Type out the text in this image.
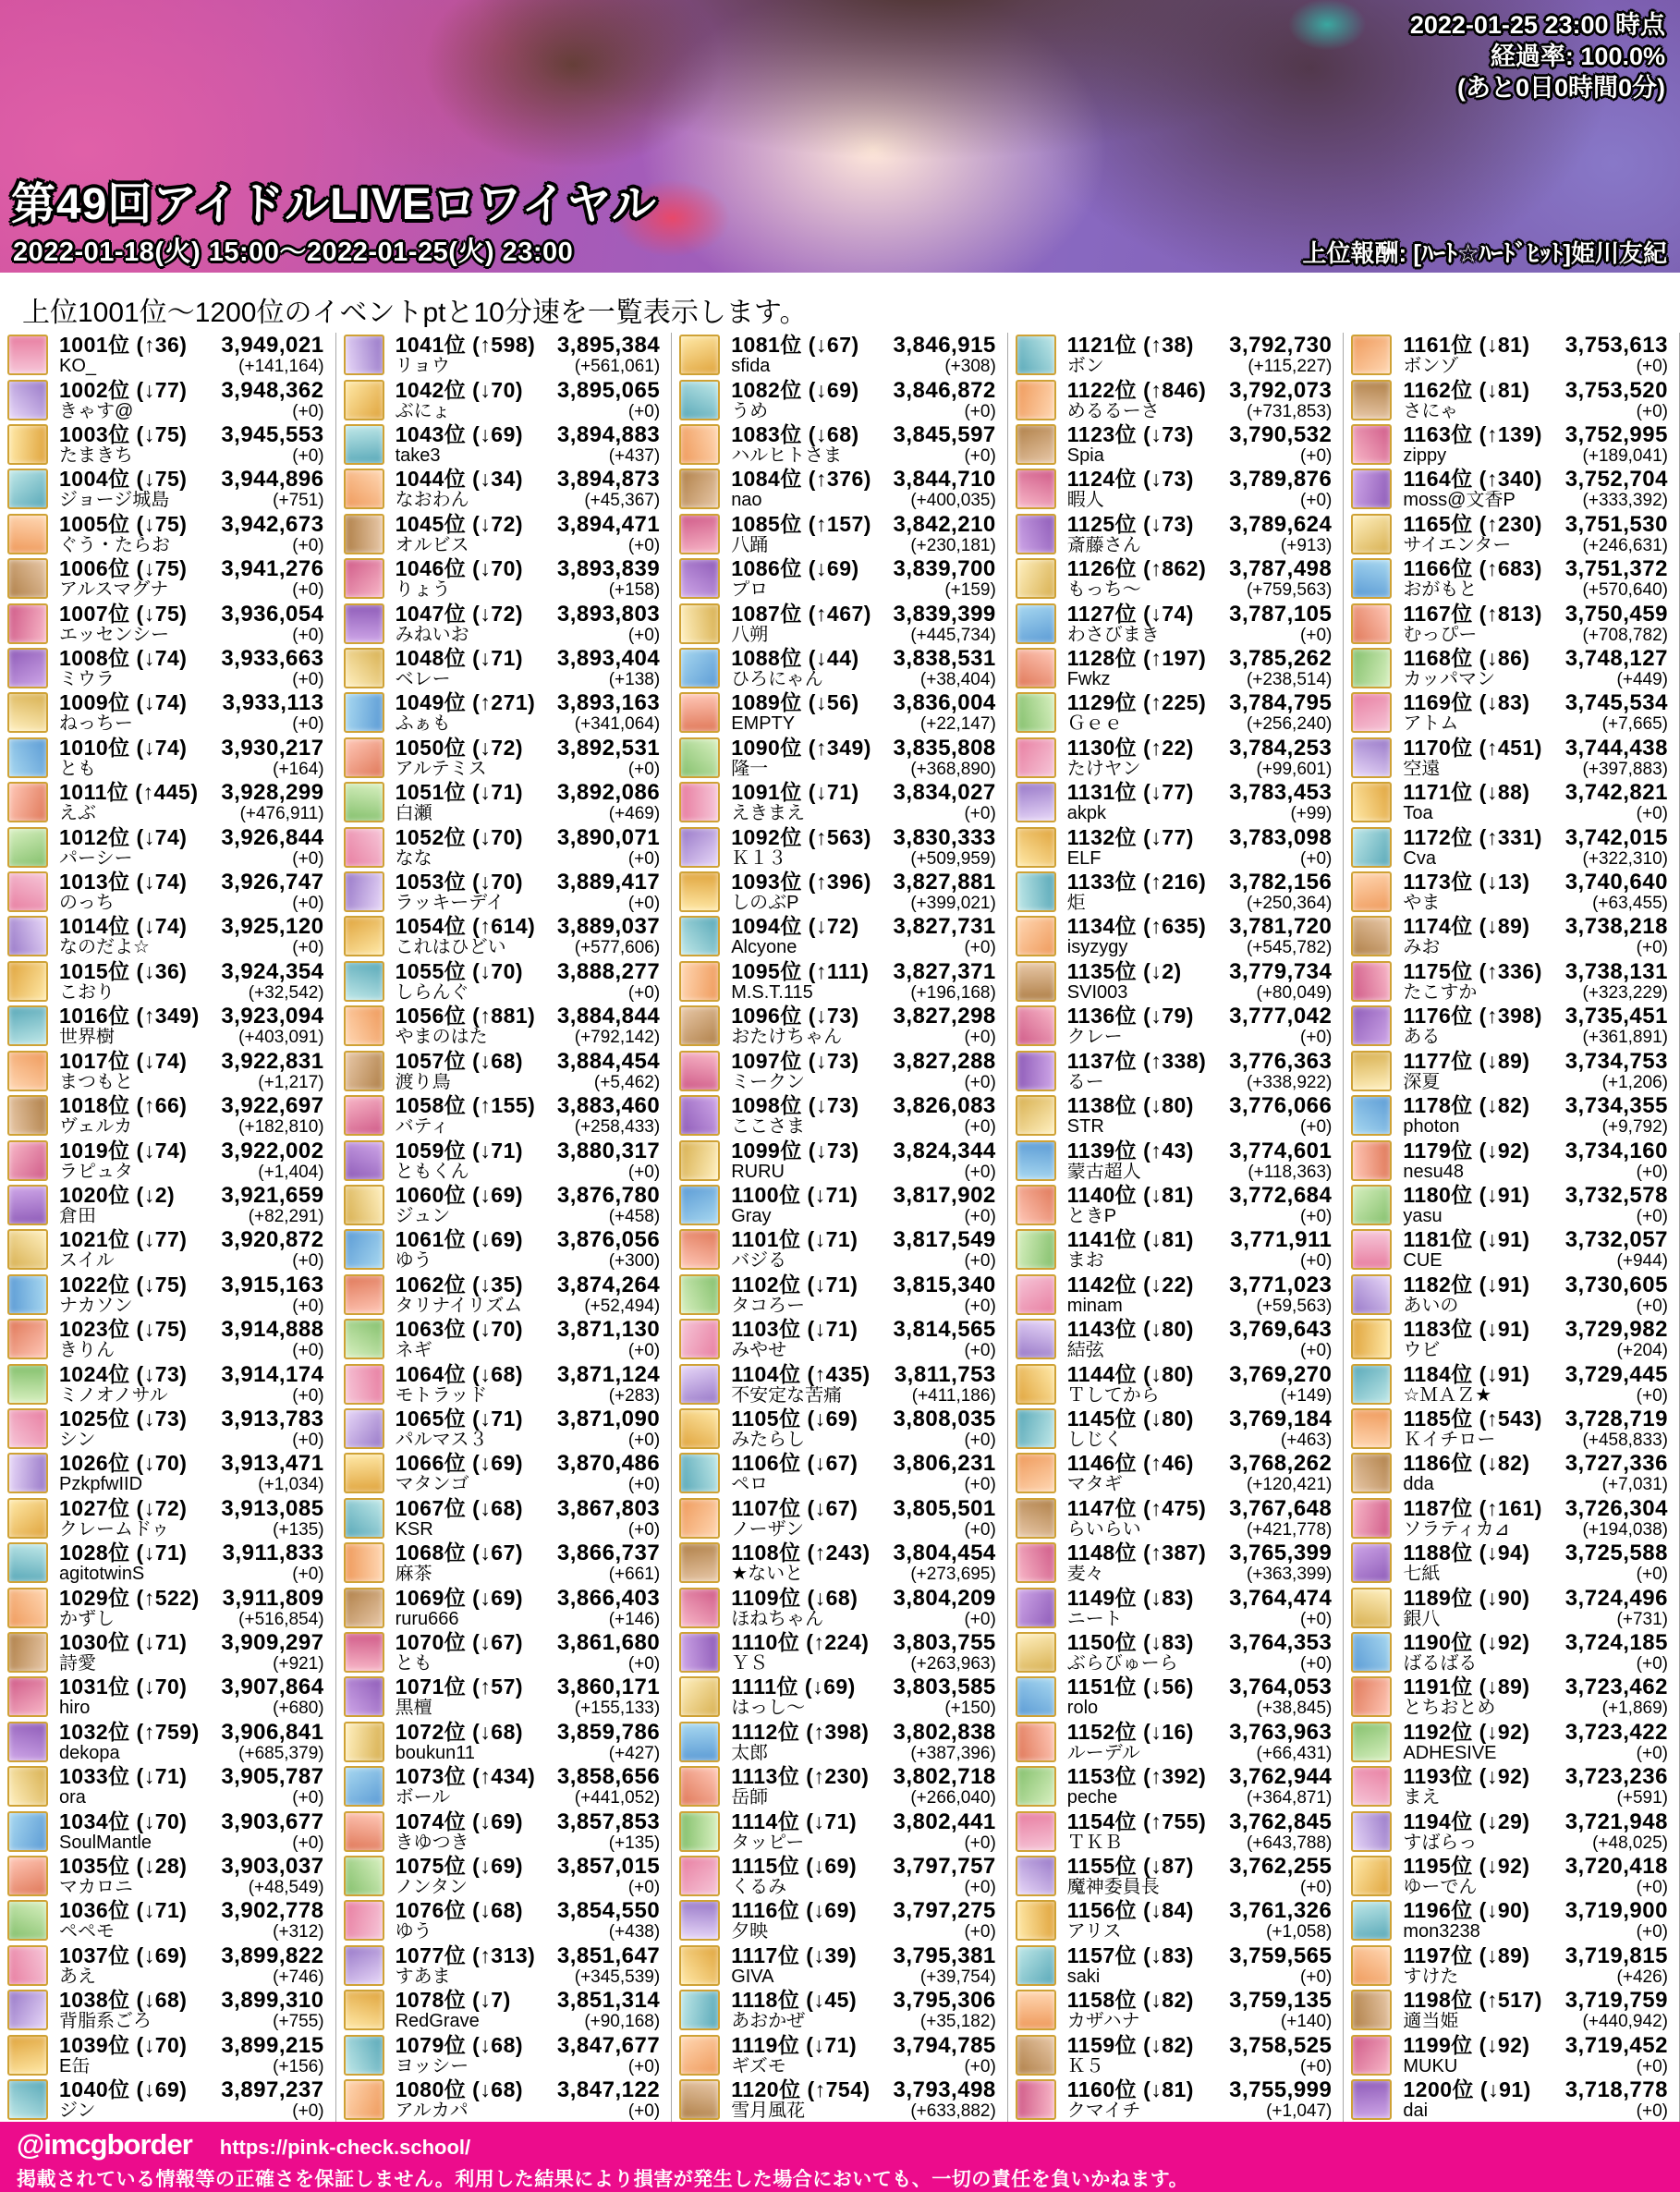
2022-01-25 23:00 時点
経過率: 100.0%
(あと0日0時間0分)
第49回アイドルLIVEロワイヤル
2022-01-18(火) 15:00～2022-01-25(火) 23:00	上位報酬: [ﾊｰﾄ☆ﾊｰﾄﾞﾋｯﾄ]姫川友紀
上位1001位～1200位のイベントptと10分速を一覧表示します。
1001位 (↑36)
KO_
3,949,021
(+141,164)
1002位 (↓77)
きゃす@
3,948,362
(+0)
1003位 (↓75)
たまきち
3,945,553
(+0)
1004位 (↓75)
ジョージ城島
3,944,896
(+751)
1005位 (↓75)
ぐう・たらお
3,942,673
(+0)
1006位 (↓75)
アルスマグナ
3,941,276
(+0)
1007位 (↓75)
エッセンシー
3,936,054
(+0)
1008位 (↓74)
ミウラ
3,933,663
(+0)
1009位 (↓74)
ねっちー
3,933,113
(+0)
1010位 (↓74)
とも
3,930,217
(+164)
1011位 (↑445)
えぶ
3,928,299
(+476,911)
1012位 (↓74)
パーシー
3,926,844
(+0)
1013位 (↓74)
のっち
3,926,747
(+0)
1014位 (↓74)
なのだよ☆
3,925,120
(+0)
1015位 (↓36)
こおり
3,924,354
(+32,542)
1016位 (↑349)
世界樹
3,923,094
(+403,091)
1017位 (↓74)
まつもと
3,922,831
(+1,217)
1018位 (↑66)
ヴェルカ
3,922,697
(+182,810)
1019位 (↓74)
ラピュタ
3,922,002
(+1,404)
1020位 (↓2)
倉田
3,921,659
(+82,291)
1021位 (↓77)
スイル
3,920,872
(+0)
1022位 (↓75)
ナカソン
3,915,163
(+0)
1023位 (↓75)
きりん
3,914,888
(+0)
1024位 (↓73)
ミノオノサル
3,914,174
(+0)
1025位 (↓73)
シン
3,913,783
(+0)
1026位 (↓70)
PzkpfwIID
3,913,471
(+1,034)
1027位 (↓72)
クレームドゥ
3,913,085
(+135)
1028位 (↓71)
agitotwinS
3,911,833
(+0)
1029位 (↑522)
かずし
3,911,809
(+516,854)
1030位 (↓71)
詩愛
3,909,297
(+921)
1031位 (↓70)
hiro
3,907,864
(+680)
1032位 (↑759)
dekopa
3,906,841
(+685,379)
1033位 (↓71)
ora
3,905,787
(+0)
1034位 (↓70)
SoulMantle
3,903,677
(+0)
1035位 (↓28)
マカロニ
3,903,037
(+48,549)
1036位 (↓71)
ペペモ
3,902,778
(+312)
1037位 (↓69)
あえ
3,899,822
(+746)
1038位 (↓68)
背脂系ごろ
3,899,310
(+755)
1039位 (↓70)
E缶
3,899,215
(+156)
1040位 (↓69)
ジン
3,897,237
(+0)
1041位 (↑598)
リョウ
3,895,384
(+561,061)
1042位 (↓70)
ぶにょ
3,895,065
(+0)
1043位 (↓69)
take3
3,894,883
(+437)
1044位 (↓34)
なおわん
3,894,873
(+45,367)
1045位 (↓72)
オルビス
3,894,471
(+0)
1046位 (↓70)
りょう
3,893,839
(+158)
1047位 (↓72)
みねいお
3,893,803
(+0)
1048位 (↓71)
ベレー
3,893,404
(+138)
1049位 (↑271)
ふぁも
3,893,163
(+341,064)
1050位 (↓72)
アルテミス
3,892,531
(+0)
1051位 (↓71)
白瀬
3,892,086
(+469)
1052位 (↓70)
なな
3,890,071
(+0)
1053位 (↓70)
ラッキーデイ
3,889,417
(+0)
1054位 (↑614)
これはひどい
3,889,037
(+577,606)
1055位 (↓70)
しらんぐ
3,888,277
(+0)
1056位 (↑881)
やまのはた
3,884,844
(+792,142)
1057位 (↓68)
渡り鳥
3,884,454
(+5,462)
1058位 (↑155)
バティ
3,883,460
(+258,433)
1059位 (↓71)
ともくん
3,880,317
(+0)
1060位 (↓69)
ジュン
3,876,780
(+458)
1061位 (↓69)
ゆう
3,876,056
(+300)
1062位 (↓35)
タリナイリズム
3,874,264
(+52,494)
1063位 (↓70)
ネギ
3,871,130
(+0)
1064位 (↓68)
モトラッド
3,871,124
(+283)
1065位 (↓71)
パルマス３
3,871,090
(+0)
1066位 (↓69)
マタンゴ
3,870,486
(+0)
1067位 (↓68)
KSR
3,867,803
(+0)
1068位 (↓67)
麻茶
3,866,737
(+661)
1069位 (↓69)
ruru666
3,866,403
(+146)
1070位 (↓67)
とも
3,861,680
(+0)
1071位 (↑57)
黒檀
3,860,171
(+155,133)
1072位 (↓68)
boukun11
3,859,786
(+427)
1073位 (↑434)
ボール
3,858,656
(+441,052)
1074位 (↓69)
きゆつき
3,857,853
(+135)
1075位 (↓69)
ノンタン
3,857,015
(+0)
1076位 (↓68)
ゆう
3,854,550
(+438)
1077位 (↑313)
すあま
3,851,647
(+345,539)
1078位 (↓7)
RedGrave
3,851,314
(+90,168)
1079位 (↓68)
ヨッシー
3,847,677
(+0)
1080位 (↓68)
アルカパ
3,847,122
(+0)
1081位 (↓67)
sfida
3,846,915
(+308)
1082位 (↓69)
うめ
3,846,872
(+0)
1083位 (↓68)
ハルヒトさま
3,845,597
(+0)
1084位 (↑376)
nao
3,844,710
(+400,035)
1085位 (↑157)
八踊
3,842,210
(+230,181)
1086位 (↓69)
プロ
3,839,700
(+159)
1087位 (↑467)
八朔
3,839,399
(+445,734)
1088位 (↓44)
ひろにゃん
3,838,531
(+38,404)
1089位 (↓56)
EMPTY
3,836,004
(+22,147)
1090位 (↑349)
隆一
3,835,808
(+368,890)
1091位 (↓71)
えきまえ
3,834,027
(+0)
1092位 (↑563)
Ｋ１３
3,830,333
(+509,959)
1093位 (↑396)
しのぶP
3,827,881
(+399,021)
1094位 (↓72)
Alcyone
3,827,731
(+0)
1095位 (↑111)
M.S.T.115
3,827,371
(+196,168)
1096位 (↓73)
おたけちゃん
3,827,298
(+0)
1097位 (↓73)
ミークン
3,827,288
(+0)
1098位 (↓73)
ここさま
3,826,083
(+0)
1099位 (↓73)
RURU
3,824,344
(+0)
1100位 (↓71)
Gray
3,817,902
(+0)
1101位 (↓71)
バジる
3,817,549
(+0)
1102位 (↓71)
タコろー
3,815,340
(+0)
1103位 (↓71)
みやせ
3,814,565
(+0)
1104位 (↑435)
不安定な苦痛
3,811,753
(+411,186)
1105位 (↓69)
みたらし
3,808,035
(+0)
1106位 (↓67)
ペロ
3,806,231
(+0)
1107位 (↓67)
ノーザン
3,805,501
(+0)
1108位 (↑243)
★ないと
3,804,454
(+273,695)
1109位 (↓68)
ほねちゃん
3,804,209
(+0)
1110位 (↑224)
ＹＳ
3,803,755
(+263,963)
1111位 (↓69)
はっし〜
3,803,585
(+150)
1112位 (↑398)
太郎
3,802,838
(+387,396)
1113位 (↑230)
岳師
3,802,718
(+266,040)
1114位 (↓71)
タッピー
3,802,441
(+0)
1115位 (↓69)
くるみ
3,797,757
(+0)
1116位 (↓69)
夕映
3,797,275
(+0)
1117位 (↓39)
GIVA
3,795,381
(+39,754)
1118位 (↓45)
あおかぜ
3,795,306
(+35,182)
1119位 (↓71)
ギズモ
3,794,785
(+0)
1120位 (↑754)
雪月風花
3,793,498
(+633,882)
1121位 (↑38)
ボン
3,792,730
(+115,227)
1122位 (↑846)
めるるーさ
3,792,073
(+731,853)
1123位 (↓73)
Spia
3,790,532
(+0)
1124位 (↓73)
暇人
3,789,876
(+0)
1125位 (↓73)
斎藤さん
3,789,624
(+913)
1126位 (↑862)
もっち〜
3,787,498
(+759,563)
1127位 (↓74)
わさびまき
3,787,105
(+0)
1128位 (↑197)
Fwkz
3,785,262
(+238,514)
1129位 (↑225)
Ｇｅｅ
3,784,795
(+256,240)
1130位 (↑22)
たけヤン
3,784,253
(+99,601)
1131位 (↓77)
akpk
3,783,453
(+99)
1132位 (↓77)
ELF
3,783,098
(+0)
1133位 (↑216)
炬
3,782,156
(+250,364)
1134位 (↑635)
isyzygy
3,781,720
(+545,782)
1135位 (↓2)
SVI003
3,779,734
(+80,049)
1136位 (↓79)
クレー
3,777,042
(+0)
1137位 (↑338)
るー
3,776,363
(+338,922)
1138位 (↓80)
STR
3,776,066
(+0)
1139位 (↑43)
蒙古超人
3,774,601
(+118,363)
1140位 (↓81)
ときP
3,772,684
(+0)
1141位 (↓81)
まお
3,771,911
(+0)
1142位 (↓22)
minam
3,771,023
(+59,563)
1143位 (↓80)
結弦
3,769,643
(+0)
1144位 (↓80)
Ｔしてから
3,769,270
(+149)
1145位 (↓80)
しじく
3,769,184
(+463)
1146位 (↑46)
マタギ
3,768,262
(+120,421)
1147位 (↑475)
らいらい
3,767,648
(+421,778)
1148位 (↑387)
麦々
3,765,399
(+363,399)
1149位 (↓83)
ニート
3,764,474
(+0)
1150位 (↓83)
ぶらびゅーら
3,764,353
(+0)
1151位 (↓56)
rolo
3,764,053
(+38,845)
1152位 (↓16)
ルーデル
3,763,963
(+66,431)
1153位 (↑392)
peche
3,762,944
(+364,871)
1154位 (↑755)
ＴＫＢ
3,762,845
(+643,788)
1155位 (↓87)
魔神委員長
3,762,255
(+0)
1156位 (↓84)
アリス
3,761,326
(+1,058)
1157位 (↓83)
saki
3,759,565
(+0)
1158位 (↓82)
カザハナ
3,759,135
(+140)
1159位 (↓82)
Ｋ５
3,758,525
(+0)
1160位 (↓81)
クマイチ
3,755,999
(+1,047)
1161位 (↓81)
ボンゾ
3,753,613
(+0)
1162位 (↓81)
さにゃ
3,753,520
(+0)
1163位 (↑139)
zippy
3,752,995
(+189,041)
1164位 (↑340)
moss@文香P
3,752,704
(+333,392)
1165位 (↑230)
サイエンター
3,751,530
(+246,631)
1166位 (↑683)
おがもと
3,751,372
(+570,640)
1167位 (↑813)
むっぴー
3,750,459
(+708,782)
1168位 (↓86)
カッパマン
3,748,127
(+449)
1169位 (↓83)
アトム
3,745,534
(+7,665)
1170位 (↑451)
空遠
3,744,438
(+397,883)
1171位 (↓88)
Toa
3,742,821
(+0)
1172位 (↑331)
Cva
3,742,015
(+322,310)
1173位 (↓13)
やま
3,740,640
(+63,455)
1174位 (↓89)
みお
3,738,218
(+0)
1175位 (↑336)
たこすか
3,738,131
(+323,229)
1176位 (↑398)
ある
3,735,451
(+361,891)
1177位 (↓89)
深夏
3,734,753
(+1,206)
1178位 (↓82)
photon
3,734,355
(+9,792)
1179位 (↓92)
nesu48
3,734,160
(+0)
1180位 (↓91)
yasu
3,732,578
(+0)
1181位 (↓91)
CUE
3,732,057
(+944)
1182位 (↓91)
あいの
3,730,605
(+0)
1183位 (↓91)
ウビ
3,729,982
(+204)
1184位 (↓91)
☆ＭＡＺ★
3,729,445
(+0)
1185位 (↑543)
Ｋイチロー
3,728,719
(+458,833)
1186位 (↓82)
dda
3,727,336
(+7,031)
1187位 (↑161)
ソラティカ⊿
3,726,304
(+194,038)
1188位 (↓94)
七紙
3,725,588
(+0)
1189位 (↓90)
銀八
3,724,496
(+731)
1190位 (↓92)
ばるばる
3,724,185
(+0)
1191位 (↓89)
とちおとめ
3,723,462
(+1,869)
1192位 (↓92)
ADHESIVE
3,723,422
(+0)
1193位 (↓92)
まえ
3,723,236
(+591)
1194位 (↓29)
すばらっ
3,721,948
(+48,025)
1195位 (↓92)
ゆーでん
3,720,418
(+0)
1196位 (↓90)
mon3238
3,719,900
(+0)
1197位 (↓89)
すけた
3,719,815
(+426)
1198位 (↑517)
適当姫
3,719,759
(+440,942)
1199位 (↓92)
MUKU
3,719,452
(+0)
1200位 (↓91)
dai
3,718,778
(+0)
@imcgborder https://pink-check.school/
掲載されている情報等の正確さを保証しません。利用した結果により損害が発生した場合においても、一切の責任を負いかねます。
